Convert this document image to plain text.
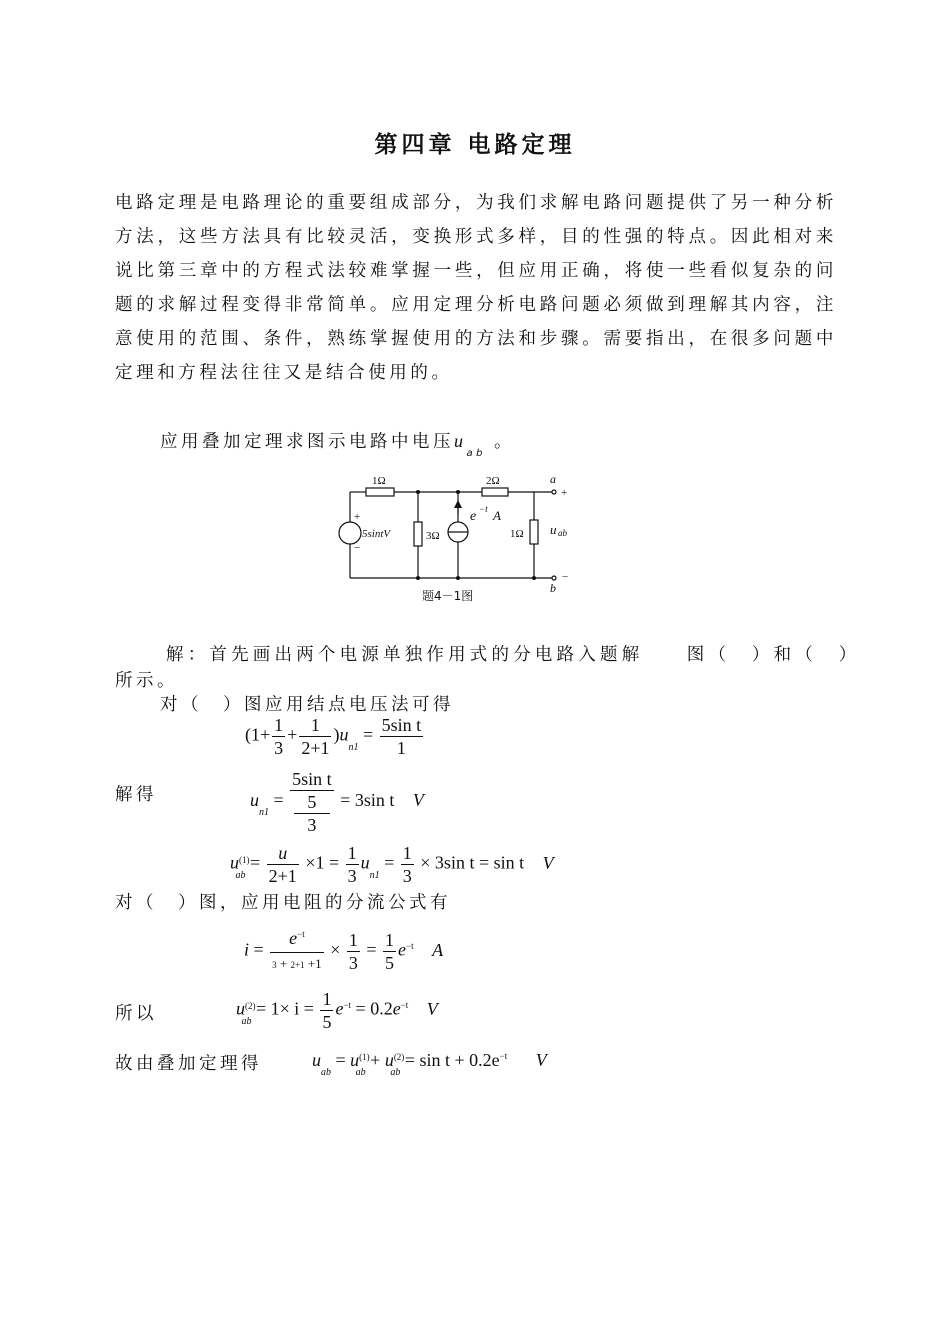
第四章 电路定理
电路定理是电路理论的重要组成部分，为我们求解电路问题提供了另一种分析方法，这些方法具有比较灵活，变换形式多样，目的性强的特点。因此相对来说比第三章中的方程式法较难掌握一些，但应用正确，将使一些看似复杂的问题的求解过程变得非常简单。应用定理分析电路问题必须做到理解其内容，注意使用的范围、条件，熟练掌握使用的方法和步骤。需要指出，在很多问题中定理和方程法往往又是结合使用的。
应用叠加定理求图示电路中电压$u_{ab}$。
1Ω	2Ω
3Ω	1Ω
5sintV
+
−
e −t A
a
+
b
−
u ab
题4－1图
解：首先画出两个电源单独作用式的分电路入题解　　图（　）和（　）
所示。
对（　）图应用结点电压法可得
$(1+ \frac{1}{3} + \frac{1}{2+1} )u_{n1} = \frac{\text{5sin t}}{1}$
解得	$u_{n1} = 5\sin$ t
5
3 = 3sin t V
$u^{(1)}_{ab} = \frac{u}{2+1} \times 1 = \frac{1}{3} u_{n1} = \frac{1}{3} \times 3\sin$ t = sin t V
对（　）图，应用电阻的分流公式有
$i = \frac{e^{-t}}{3 + 2+1 +1} \times \frac{1}{3} = \frac{1}{5} e^{-t}$ A
所以	$u^{(2)}_{ab} = 1\times i = \frac{1}{5} e^{-t} = 0.2e^{-t}$ V
故由叠加定理得	$u_{ab} = u^{(1)}_{ab} + u^{(2)}_{ab} = \sin t + 0.2e^{-t}$ V
